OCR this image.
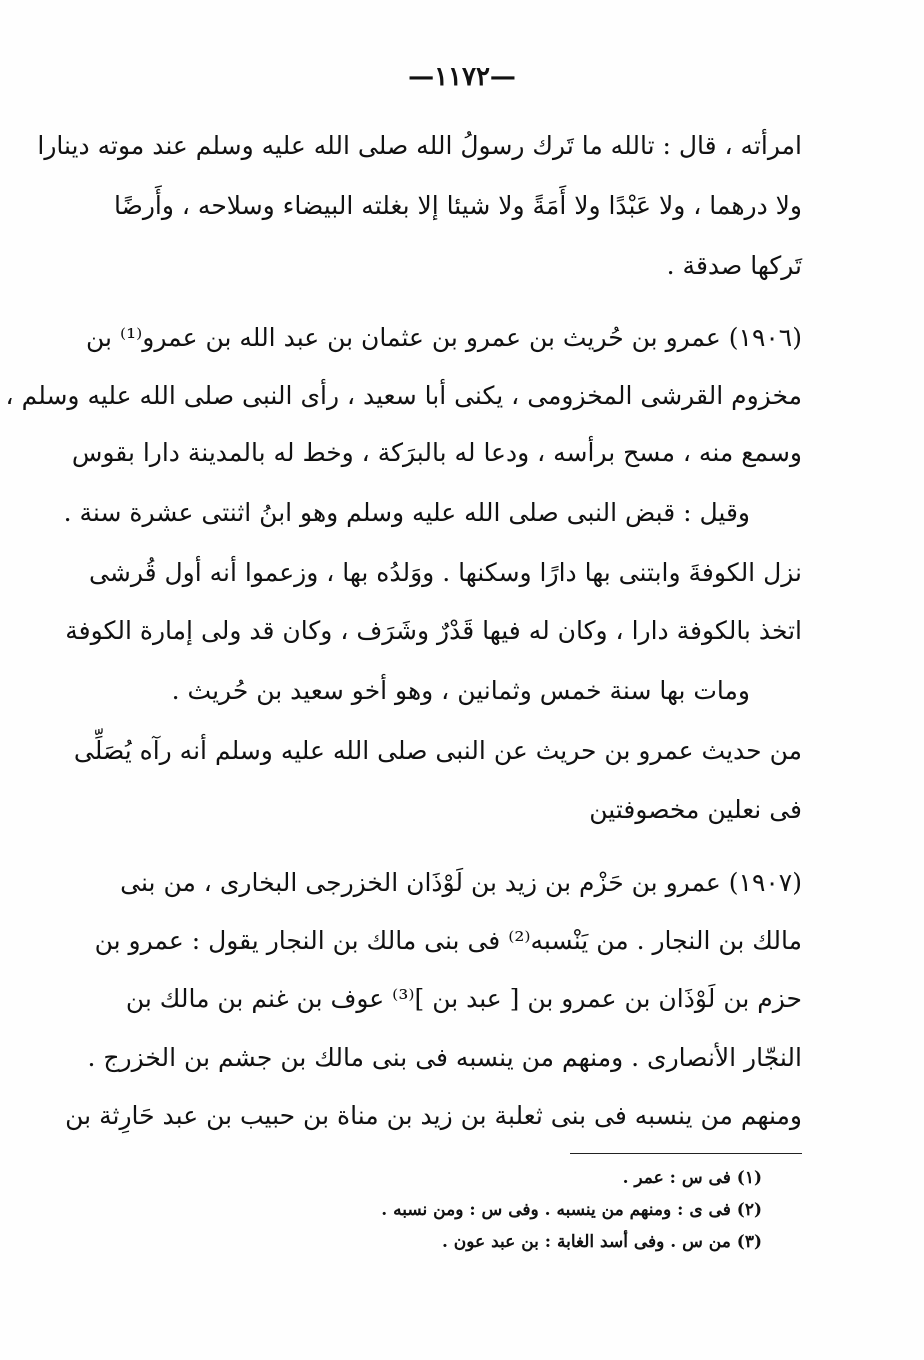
—١١٧٢—
امرأته ، قال : تالله ما تَرك رسولُ الله صلى الله عليه وسلم عند موته دينارا
ولا درهما ، ولا عَبْدًا ولا أَمَةً ولا شيئا إلا بغلته البيضاء وسلاحه ، وأَرضًا
تَركها صدقة .
(١٩٠٦) عمرو بن حُريث بن عمرو بن عثمان بن عبد الله بن عمرو⁽¹⁾ بن
مخزوم القرشى المخزومى ، يكنى أبا سعيد ، رأى النبى صلى الله عليه وسلم ،
وسمع منه ، مسح برأسه ، ودعا له بالبرَكة ، وخط له بالمدينة دارا بقوس
وقيل : قبض النبى صلى الله عليه وسلم وهو ابنُ اثنتى عشرة سنة .
نزل الكوفةَ وابتنى بها دارًا وسكنها . ووَلدُه بها ، وزعموا أنه أول قُرشى
اتخذ بالكوفة دارا ، وكان له فيها قَدْرٌ وشَرَف ، وكان قد ولى إمارة الكوفة
ومات بها سنة خمس وثمانين ، وهو أخو سعيد بن حُريث .
من حديث عمرو بن حريث عن النبى صلى الله عليه وسلم أنه رآه يُصَلِّى
فى نعلين مخصوفتين
(١٩٠٧) عمرو بن حَزْم بن زيد بن لَوْذَان الخزرجى البخارى ، من بنى
مالك بن النجار . من يَنْسبه⁽²⁾ فى بنى مالك بن النجار يقول : عمرو بن
حزم بن لَوْذَان بن عمرو بن [ عبد بن ]⁽³⁾ عوف بن غنم بن مالك بن
النجّار الأنصارى . ومنهم من ينسبه فى بنى مالك بن جشم بن الخزرج .
ومنهم من ينسبه فى بنى ثعلبة بن زيد بن مناة بن حبيب بن عبد حَارِثة بن
(١) فى س : عمر .
(٢) فى ى : ومنهم من ينسبه . وفى س : ومن نسبه .
(٣) من س . وفى أسد الغابة : بن عبد عون .
